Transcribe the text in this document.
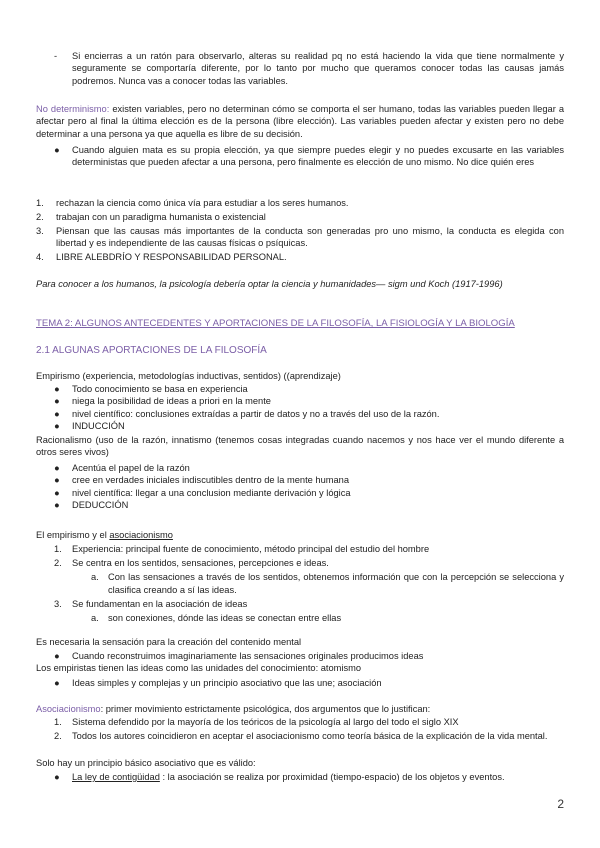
- Si encierras a un ratón para observarlo, alteras su realidad pq no está haciendo la vida que tiene normalmente y seguramente se comportaría diferente, por lo tanto por mucho que queramos conocer todas las causas jamás podremos. Nunca vas a conocer todas las variables.
No determinismo: existen variables, pero no determinan cómo se comporta el ser humano, todas las variables pueden llegar a afectar pero al final la última elección es de la persona (libre elección). Las variables pueden afectar y existen pero no debe determinar a una persona ya que aquella es libre de su decisión.
● Cuando alguien mata es su propia elección, ya que siempre puedes elegir y no puedes excusarte en las variables deterministas que pueden afectar a una persona, pero finalmente es elección de uno mismo. No dice quién eres
1. rechazan la ciencia como única vía para estudiar a los seres humanos.
2. trabajan con un paradigma humanista o existencial
3. Piensan que las causas más importantes de la conducta son generadas pro uno mismo, la conducta es elegida con libertad y es independiente de las causas físicas o psíquicas.
4. LIBRE ALEBDRÍO Y RESPONSABILIDAD PERSONAL.
Para conocer a los humanos, la psicología debería optar la ciencia y humanidades— sigm und Koch (1917-1996)
TEMA 2: ALGUNOS ANTECEDENTES Y APORTACIONES DE LA FILOSOFÍA, LA FISIOLOGÍA Y LA BIOLOGÍA
2.1 ALGUNAS APORTACIONES DE LA FILOSOFÍA
Empirismo (experiencia, metodologías inductivas, sentidos) ((aprendizaje)
● Todo conocimiento se basa en experiencia
● niega la posibilidad de ideas a priori en la mente
● nivel científico: conclusiones extraídas a partir de datos y no a través del uso de la razón.
● INDUCCIÓN
Racionalismo (uso de la razón, innatismo (tenemos cosas integradas cuando nacemos y nos hace ver el mundo diferente a otros seres vivos)
● Acentúa el papel de la razón
● cree en verdades iniciales indiscutibles dentro de la mente humana
● nivel científica: llegar a una conclusion mediante derivación y lógica
● DEDUCCIÓN
El empirismo y el asociacionismo
1. Experiencia: principal fuente de conocimiento, método principal del estudio del hombre
2. Se centra en los sentidos, sensaciones, percepciones e ideas.
a. Con las sensaciones a través de los sentidos, obtenemos información que con la percepción se selecciona y clasifica creando a sí las ideas.
3. Se fundamentan en la asociación de ideas
a. son conexiones, dónde las ideas se conectan entre ellas
Es necesaria la sensación para la creación del contenido mental
● Cuando reconstruimos imaginariamente las sensaciones originales producimos ideas
Los empiristas tienen las ideas como las unidades del conocimiento: atomismo
● Ideas simples y complejas y un principio asociativo que las une; asociación
Asociacionismo: primer movimiento estrictamente psicológica, dos argumentos que lo justifican:
1. Sistema defendido por la mayoría de los teóricos de la psicología al largo del todo el siglo XIX
2. Todos los autores coincidieron en aceptar el asociacionismo como teoría básica de la explicación de la vida mental.
Solo hay un principio básico asociativo que es válido:
● La ley de contigüidad : la asociación se realiza por proximidad (tiempo-espacio) de los objetos y eventos.
2
